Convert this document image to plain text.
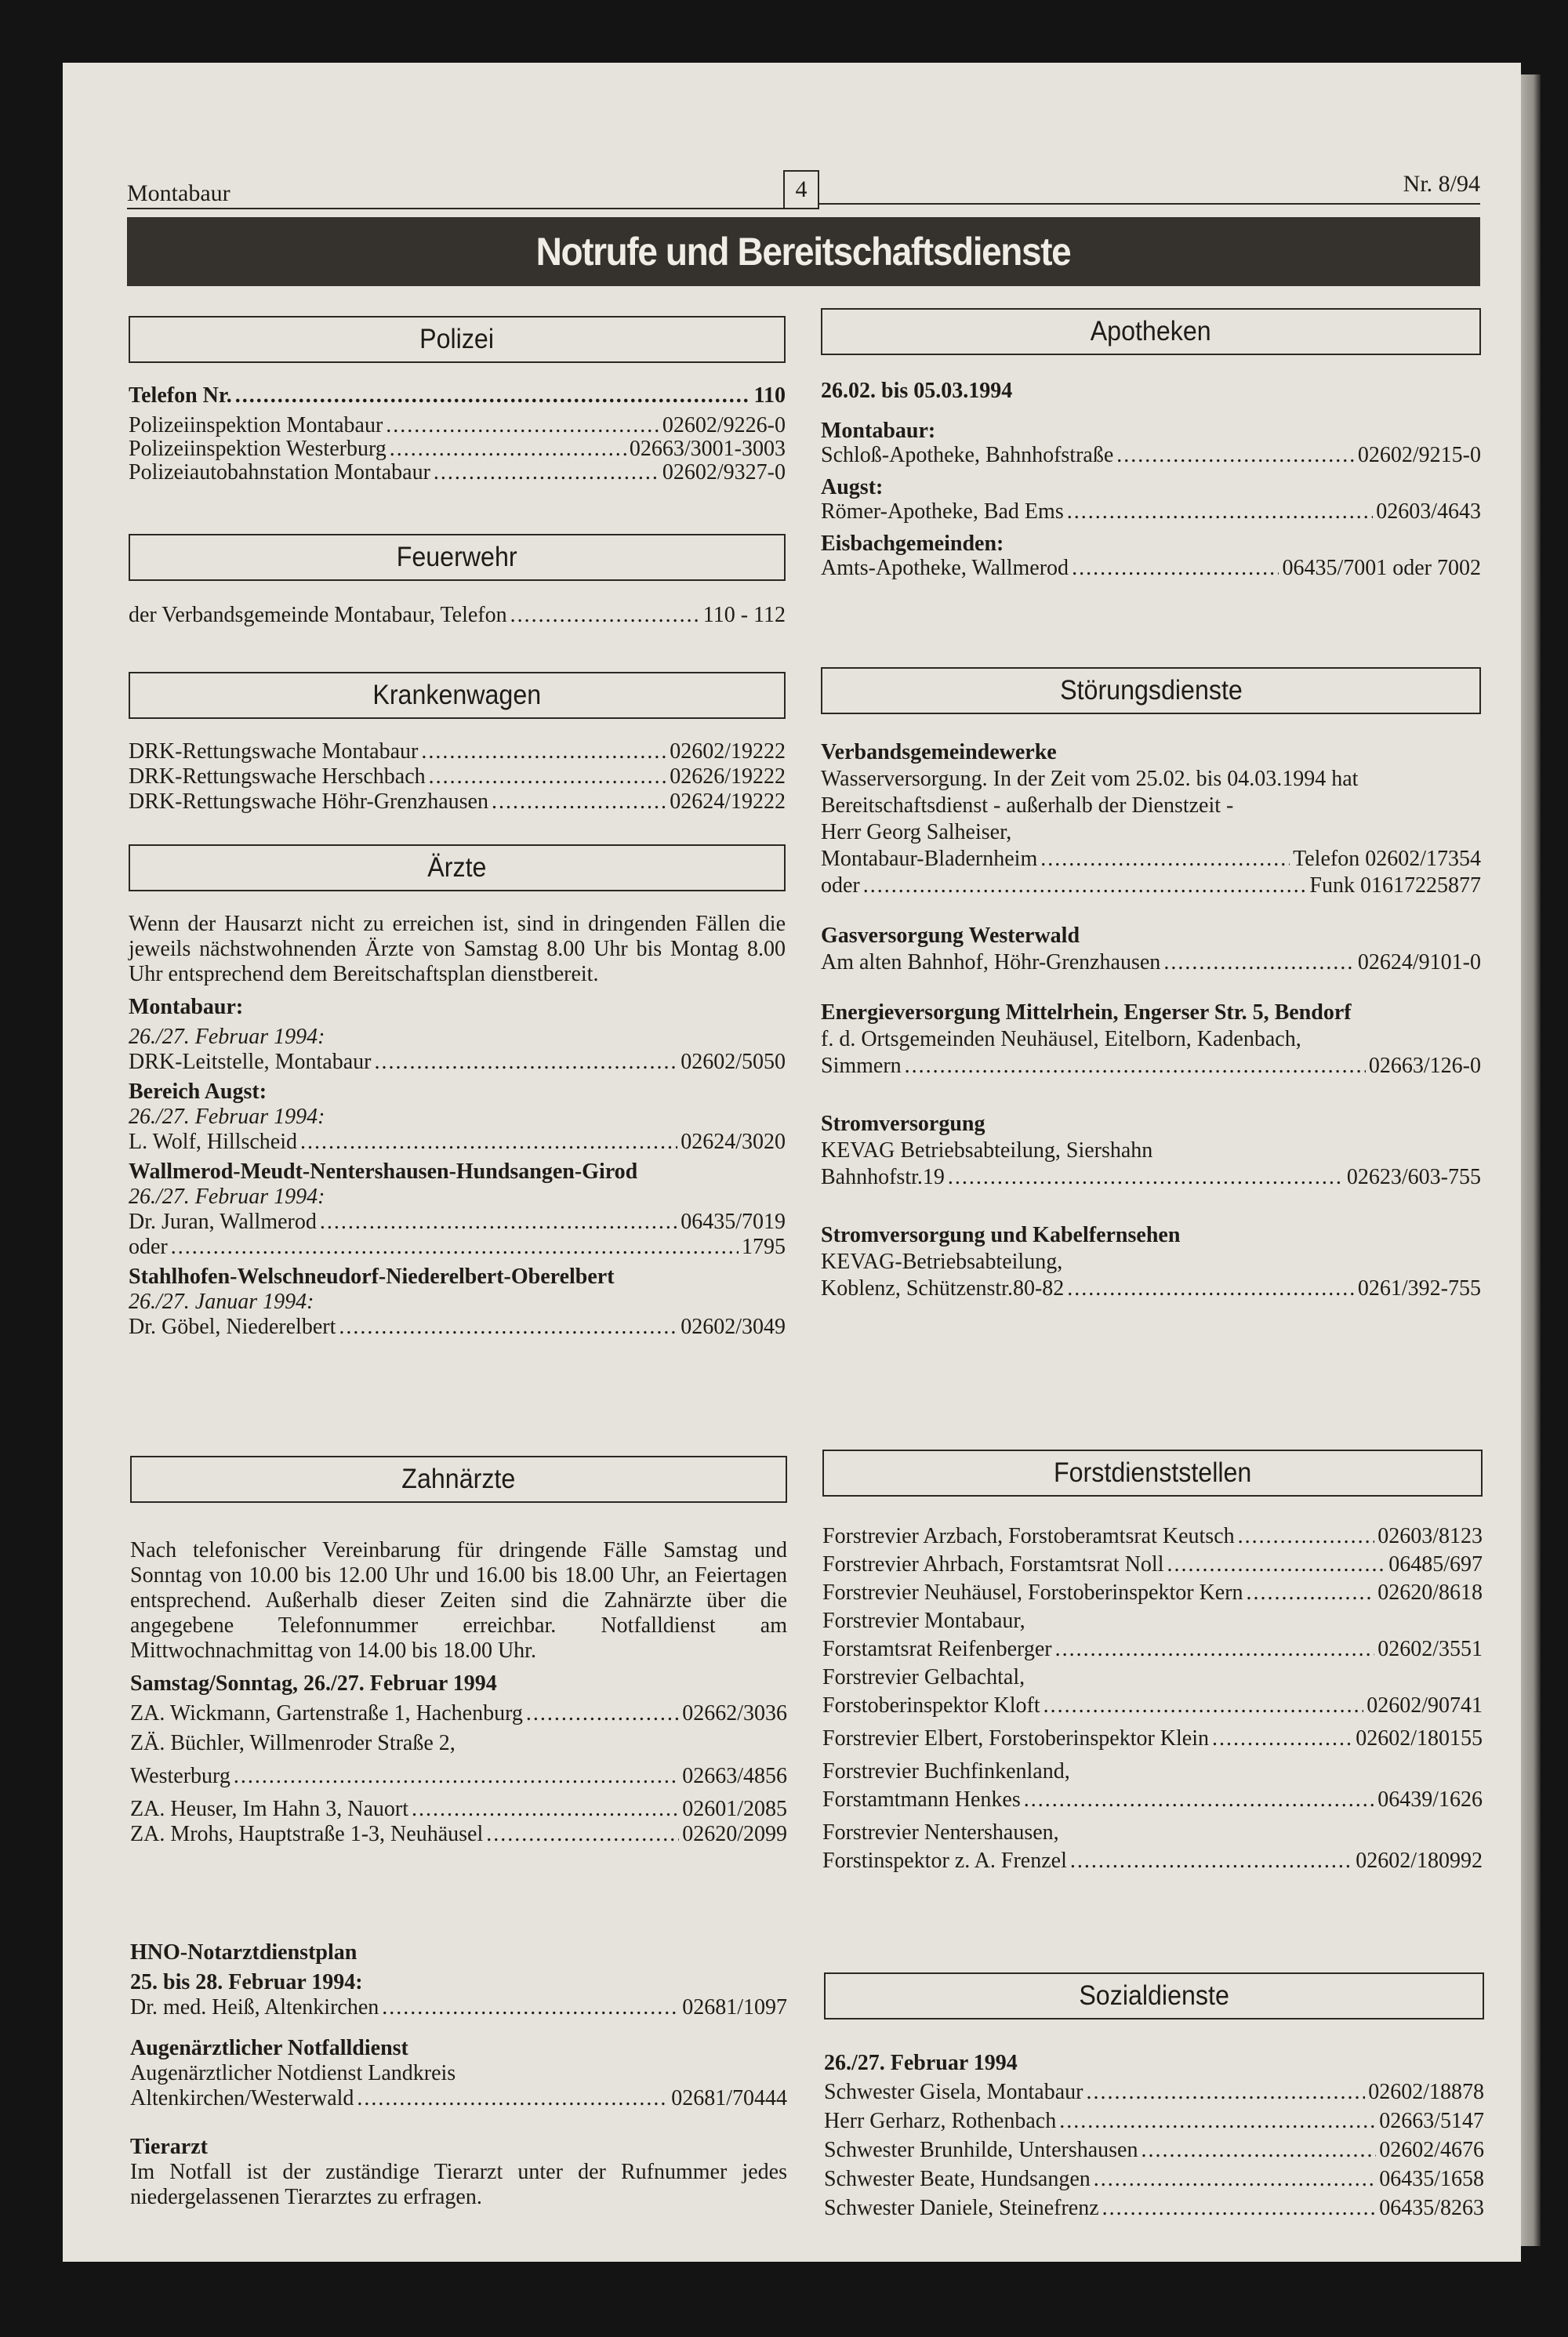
Montabaur	4	Nr. 8/94
Notrufe und Bereitschaftsdienste
Polizei
Telefon Nr. .....	110
Polizeiinspektion Montabaur .....	02602/9226-0
Polizeiinspektion Westerburg .....	02663/3001-3003
Polizeiautobahnstation Montabaur .....	02602/9327-0
Feuerwehr
der Verbandsgemeinde Montabaur, Telefon .....	110 - 112
Krankenwagen
DRK-Rettungswache Montabaur .....	02602/19222
DRK-Rettungswache Herschbach .....	02626/19222
DRK-Rettungswache Höhr-Grenzhausen .....	02624/19222
Ärzte
Wenn der Hausarzt nicht zu erreichen ist, sind in dringenden Fällen die jeweils nächstwohnenden Ärzte von Samstag 8.00 Uhr bis Montag 8.00 Uhr entsprechend dem Bereitschaftsplan dienstbereit.
Montabaur:
26./27. Februar 1994:
DRK-Leitstelle, Montabaur .....	02602/5050
Bereich Augst:
26./27. Februar 1994:
L. Wolf, Hillscheid .....	02624/3020
Wallmerod-Meudt-Nentershausen-Hundsangen-Girod
26./27. Februar 1994:
Dr. Juran, Wallmerod .....	06435/7019
oder .....	1795
Stahlhofen-Welschneudorf-Niederelbert-Oberelbert
26./27. Januar 1994:
Dr. Göbel, Niederelbert .....	02602/3049
Zahnärzte
Nach telefonischer Vereinbarung für dringende Fälle Samstag und Sonntag von 10.00 bis 12.00 Uhr und 16.00 bis 18.00 Uhr, an Feiertagen entsprechend. Außerhalb dieser Zeiten sind die Zahnärzte über die angegebene Telefonnummer erreichbar. Notfalldienst am Mittwochnachmittag von 14.00 bis 18.00 Uhr.
Samstag/Sonntag, 26./27. Februar 1994
ZA. Wickmann, Gartenstraße 1, Hachenburg .....	02662/3036
ZÄ. Büchler, Willmenroder Straße 2,
Westerburg .....	02663/4856
ZA. Heuser, Im Hahn 3, Nauort .....	02601/2085
ZA. Mrohs, Hauptstraße 1-3, Neuhäusel .....	02620/2099
HNO-Notarztdienstplan
25. bis 28. Februar 1994:
Dr. med. Heiß, Altenkirchen .....	02681/1097
Augenärztlicher Notfalldienst
Augenärztlicher Notdienst Landkreis
Altenkirchen/Westerwald .....	02681/70444
Tierarzt
Im Notfall ist der zuständige Tierarzt unter der Rufnummer jedes niedergelassenen Tierarztes zu erfragen.
Apotheken
26.02. bis 05.03.1994
Montabaur:
Schloß-Apotheke, Bahnhofstraße .....	02602/9215-0
Augst:
Römer-Apotheke, Bad Ems .....	02603/4643
Eisbachgemeinden:
Amts-Apotheke, Wallmerod .....	06435/7001 oder 7002
Störungsdienste
Verbandsgemeindewerke
Wasserversorgung. In der Zeit vom 25.02. bis 04.03.1994 hat
Bereitschaftsdienst - außerhalb der Dienstzeit -
Herr Georg Salheiser,
Montabaur-Bladernheim .....	Telefon 02602/17354
oder .....	Funk 01617225877
Gasversorgung Westerwald
Am alten Bahnhof, Höhr-Grenzhausen .....	02624/9101-0
Energieversorgung Mittelrhein, Engerser Str. 5, Bendorf
f. d. Ortsgemeinden Neuhäusel, Eitelborn, Kadenbach,
Simmern .....	02663/126-0
Stromversorgung
KEVAG Betriebsabteilung, Siershahn
Bahnhofstr.19 .....	02623/603-755
Stromversorgung und Kabelfernsehen
KEVAG-Betriebsabteilung,
Koblenz, Schützenstr.80-82 .....	0261/392-755
Forstdienststellen
Forstrevier Arzbach, Forstoberamtsrat Keutsch .....	02603/8123
Forstrevier Ahrbach, Forstamtsrat Noll .....	06485/697
Forstrevier Neuhäusel, Forstoberinspektor Kern .....	02620/8618
Forstrevier Montabaur,
Forstamtsrat Reifenberger .....	02602/3551
Forstrevier Gelbachtal,
Forstoberinspektor Kloft .....	02602/90741
Forstrevier Elbert, Forstoberinspektor Klein .....	02602/180155
Forstrevier Buchfinkenland,
Forstamtmann Henkes .....	06439/1626
Forstrevier Nentershausen,
Forstinspektor z. A. Frenzel .....	02602/180992
Sozialdienste
26./27. Februar 1994
Schwester Gisela, Montabaur .....	02602/18878
Herr Gerharz, Rothenbach .....	02663/5147
Schwester Brunhilde, Untershausen .....	02602/4676
Schwester Beate, Hundsangen .....	06435/1658
Schwester Daniele, Steinefrenz .....	06435/8263
